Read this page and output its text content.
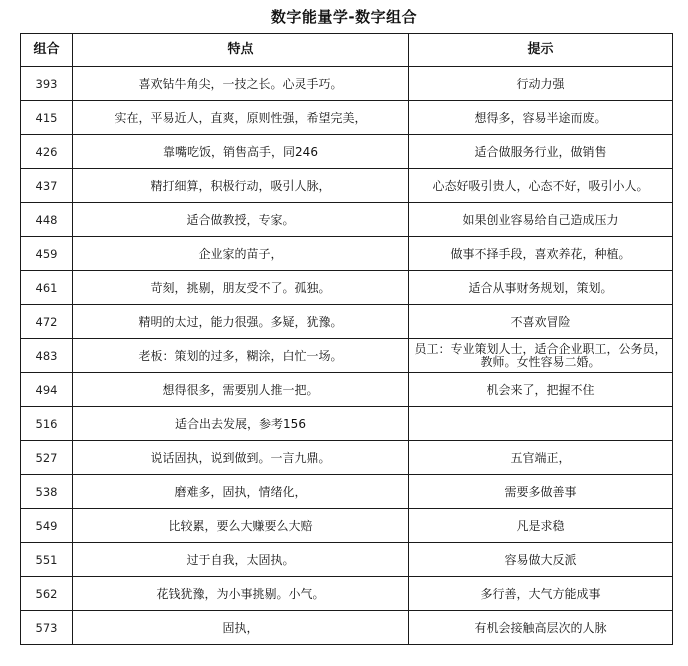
数字能量学-数字组合
组合	特点	提示
393	喜欢钻牛角尖，一技之长。心灵手巧。	行动力强
415	实在，平易近人，直爽，原则性强，希望完美，	想得多，容易半途而废。
426	靠嘴吃饭，销售高手，同246	适合做服务行业，做销售
437	精打细算，积极行动，吸引人脉，	心态好吸引贵人，心态不好，吸引小人。
448	适合做教授，专家。	如果创业容易给自己造成压力
459	企业家的苗子，	做事不择手段，喜欢养花，种植。
461	苛刻，挑剔，朋友受不了。孤独。	适合从事财务规划，策划。
472	精明的太过，能力很强。多疑，犹豫。	不喜欢冒险
483	老板：策划的过多，糊涂，白忙一场。	员工：专业策划人士，适合企业职工，公务员，教师。女性容易二婚。
494	想得很多，需要别人推一把。	机会来了，把握不住
516	适合出去发展，参考156	
527	说话固执，说到做到。一言九鼎。	五官端正，
538	磨难多，固执，情绪化，	需要多做善事
549	比较累，要么大赚要么大赔	凡是求稳
551	过于自我，太固执。	容易做大反派
562	花钱犹豫，为小事挑剔。小气。	多行善，大气方能成事
573	固执，	有机会接触高层次的人脉
